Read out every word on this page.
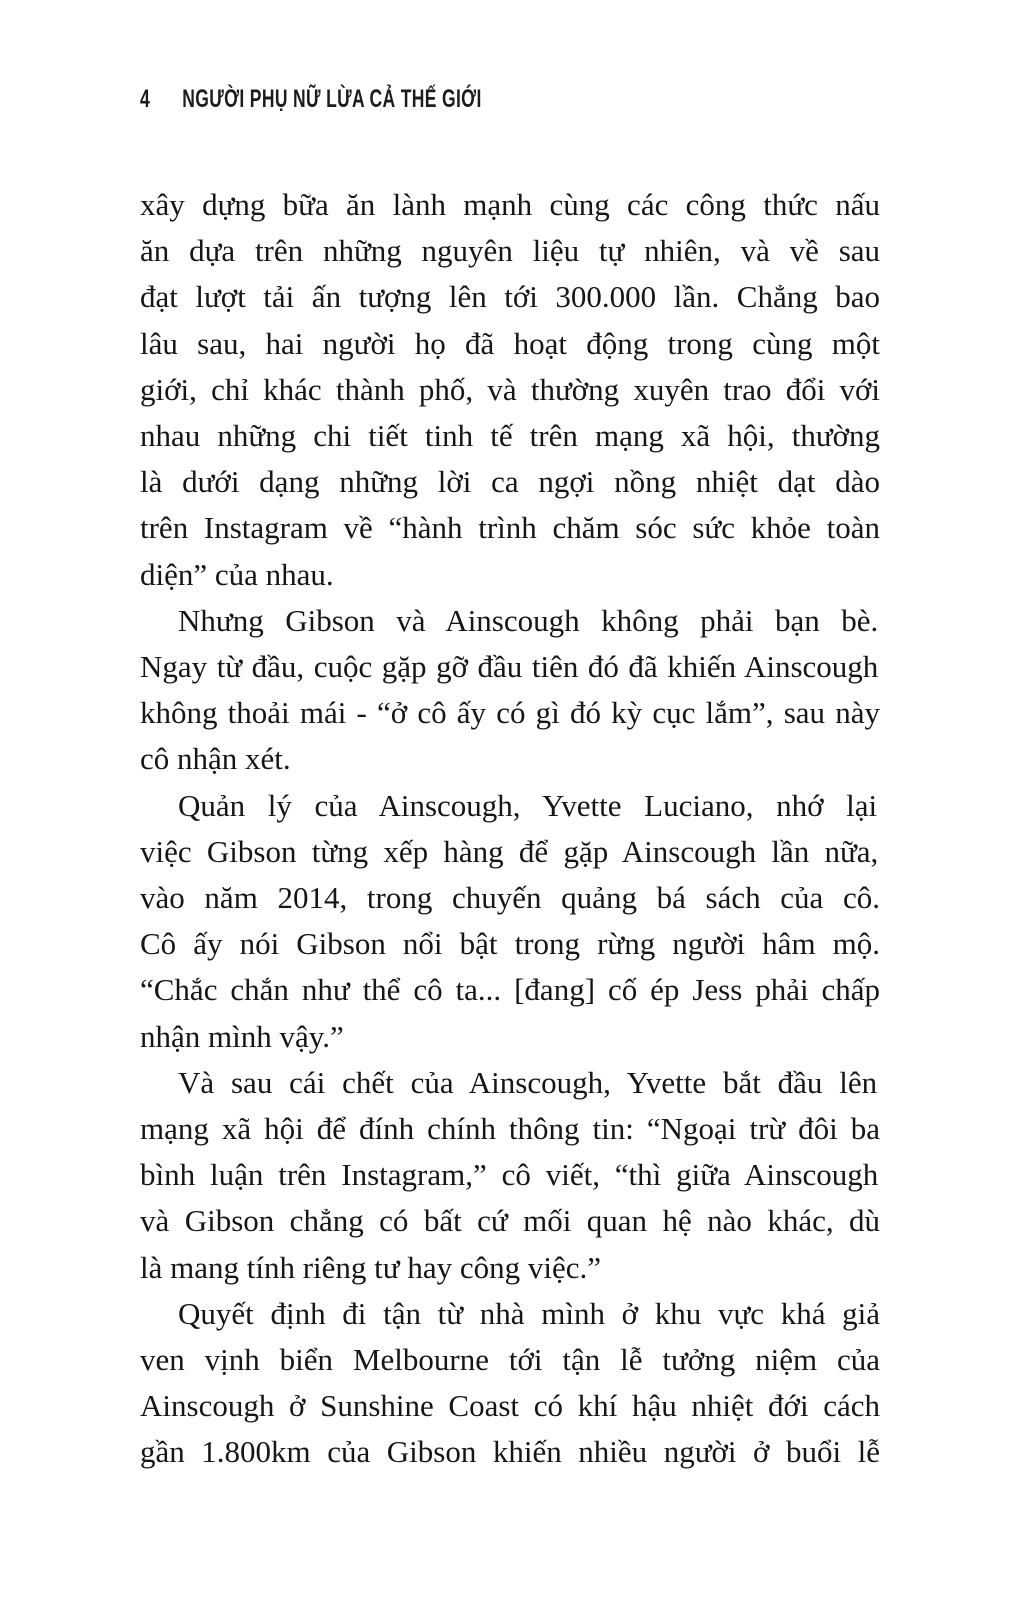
4 NGƯỜI PHỤ NỮ LỪA CẢ THẾ GIỚI
xây dựng bữa ăn lành mạnh cùng các công thức nấu
ăn dựa trên những nguyên liệu tự nhiên, và về sau
đạt lượt tải ấn tượng lên tới 300.000 lần. Chẳng bao
lâu sau, hai người họ đã hoạt động trong cùng một
giới, chỉ khác thành phố, và thường xuyên trao đổi với
nhau những chi tiết tinh tế trên mạng xã hội, thường
là dưới dạng những lời ca ngợi nồng nhiệt dạt dào
trên Instagram về “hành trình chăm sóc sức khỏe toàn
diện” của nhau.
Nhưng Gibson và Ainscough không phải bạn bè.
Ngay từ đầu, cuộc gặp gỡ đầu tiên đó đã khiến Ainscough
không thoải mái - “ở cô ấy có gì đó kỳ cục lắm”, sau này
cô nhận xét.
Quản lý của Ainscough, Yvette Luciano, nhớ lại
việc Gibson từng xếp hàng để gặp Ainscough lần nữa,
vào năm 2014, trong chuyến quảng bá sách của cô.
Cô ấy nói Gibson nổi bật trong rừng người hâm mộ.
“Chắc chắn như thể cô ta... [đang] cố ép Jess phải chấp
nhận mình vậy.”
Và sau cái chết của Ainscough, Yvette bắt đầu lên
mạng xã hội để đính chính thông tin: “Ngoại trừ đôi ba
bình luận trên Instagram,” cô viết, “thì giữa Ainscough
và Gibson chẳng có bất cứ mối quan hệ nào khác, dù
là mang tính riêng tư hay công việc.”
Quyết định đi tận từ nhà mình ở khu vực khá giả
ven vịnh biển Melbourne tới tận lễ tưởng niệm của
Ainscough ở Sunshine Coast có khí hậu nhiệt đới cách
gần 1.800km của Gibson khiến nhiều người ở buổi lễ
